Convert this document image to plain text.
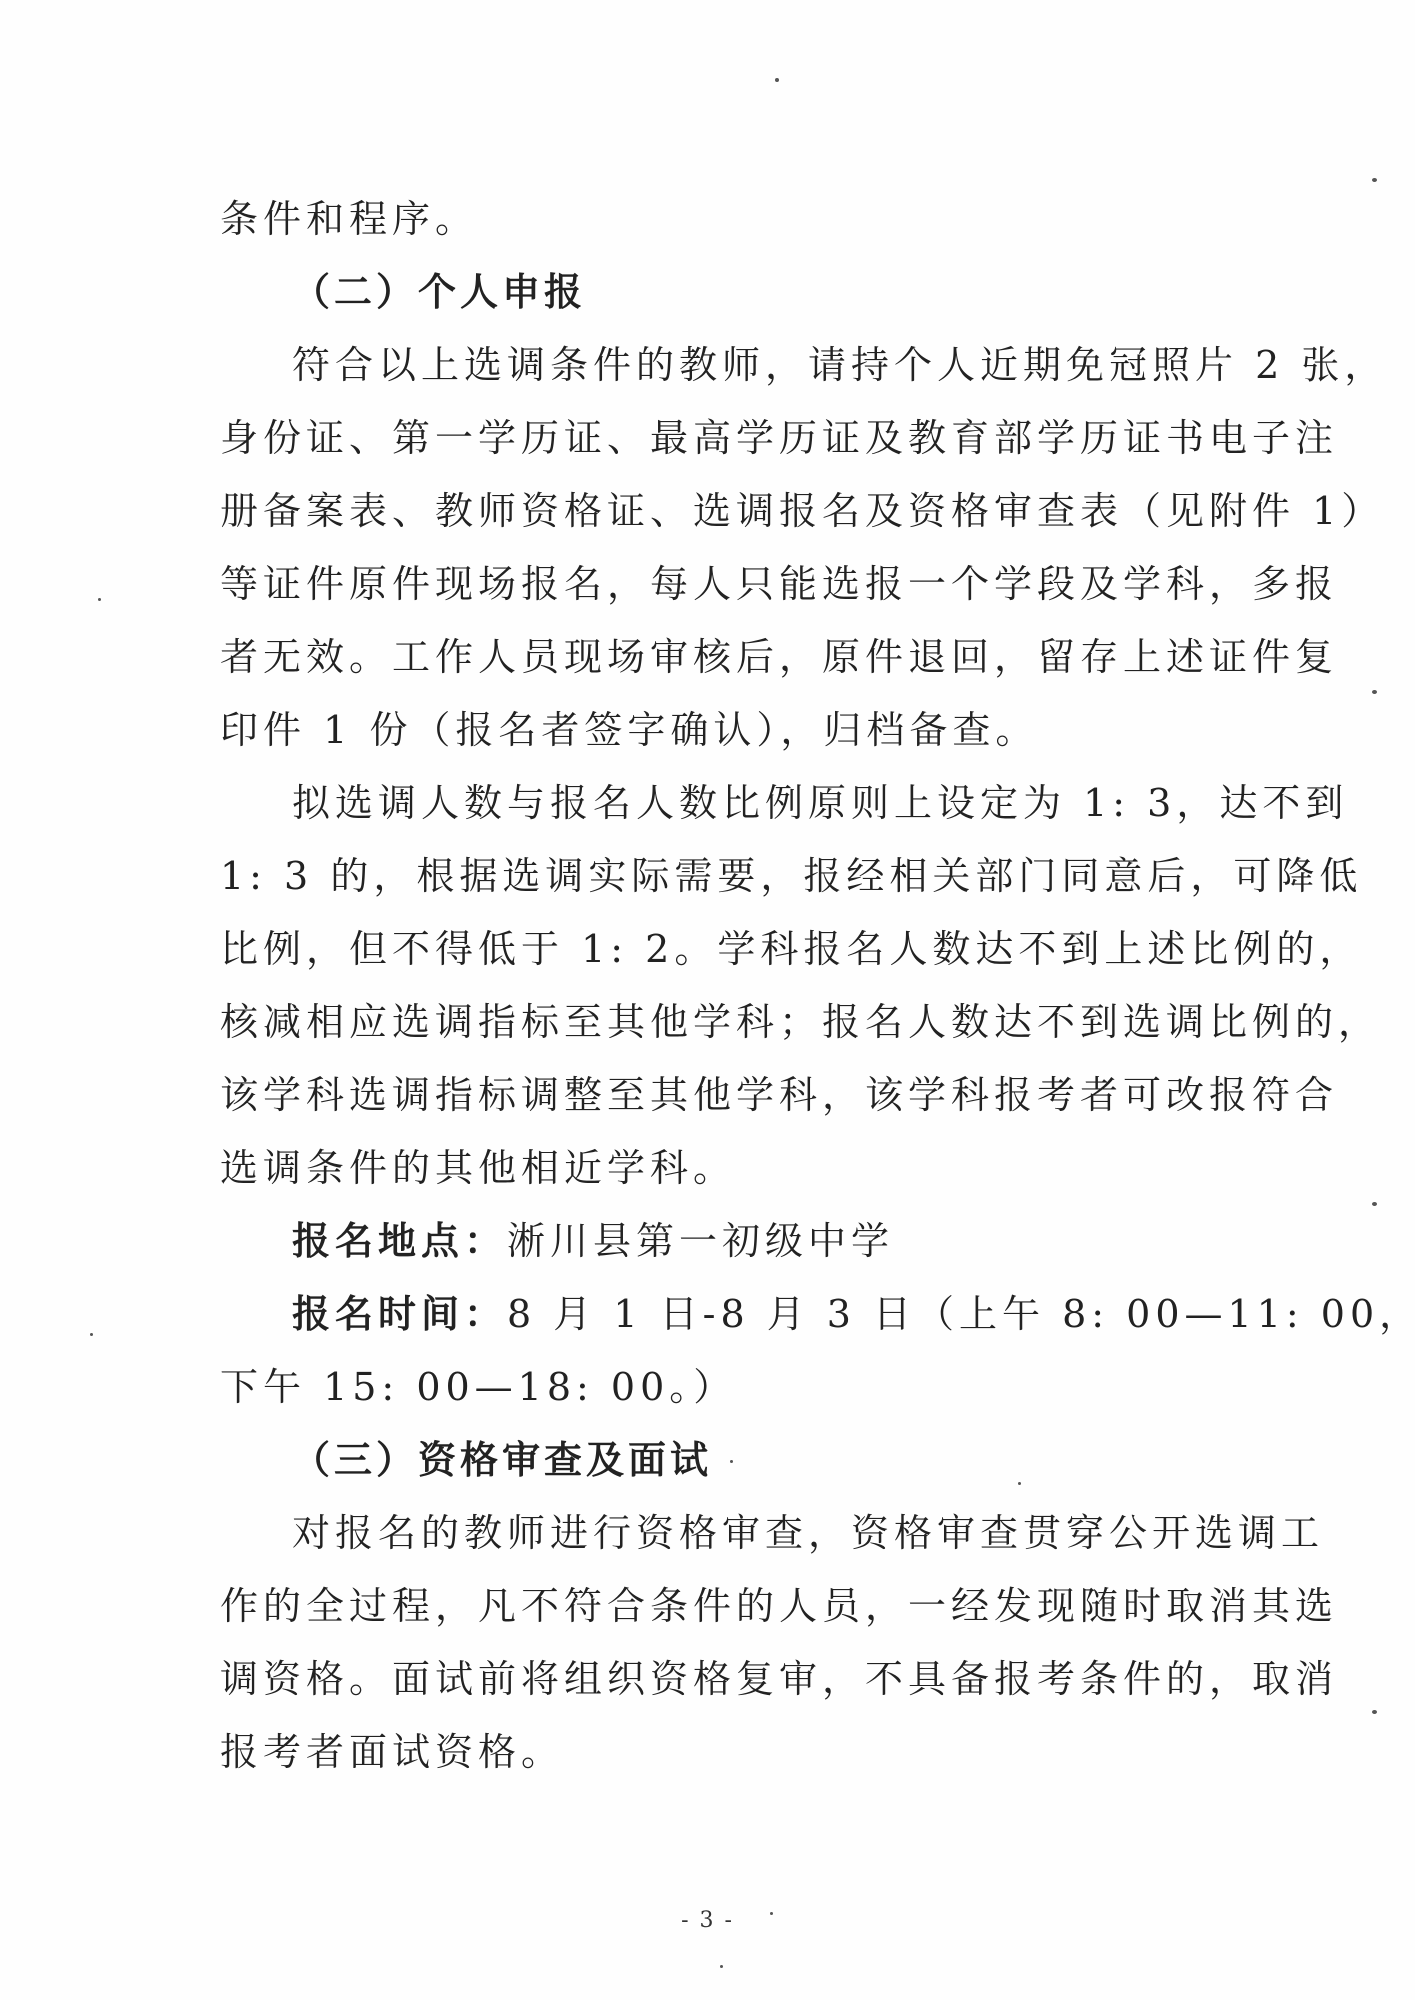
条件和程序。
（二）个人申报
符合以上选调条件的教师，请持个人近期免冠照片 2 张，
身份证、第一学历证、最高学历证及教育部学历证书电子注
册备案表、教师资格证、选调报名及资格审查表（见附件 1）
等证件原件现场报名，每人只能选报一个学段及学科，多报
者无效。工作人员现场审核后，原件退回，留存上述证件复
印件 1 份（报名者签字确认），归档备查。
拟选调人数与报名人数比例原则上设定为 1: 3，达不到
1: 3 的，根据选调实际需要，报经相关部门同意后，可降低
比例，但不得低于 1: 2。学科报名人数达不到上述比例的，
核减相应选调指标至其他学科；报名人数达不到选调比例的，
该学科选调指标调整至其他学科，该学科报考者可改报符合
选调条件的其他相近学科。
报名地点：淅川县第一初级中学
报名时间：8 月 1 日-8 月 3 日（上午 8: 00—11: 00，
下午 15: 00—18: 00。）
（三）资格审查及面试
对报名的教师进行资格审查，资格审查贯穿公开选调工
作的全过程，凡不符合条件的人员，一经发现随时取消其选
调资格。面试前将组织资格复审，不具备报考条件的，取消
报考者面试资格。
- 3 -
